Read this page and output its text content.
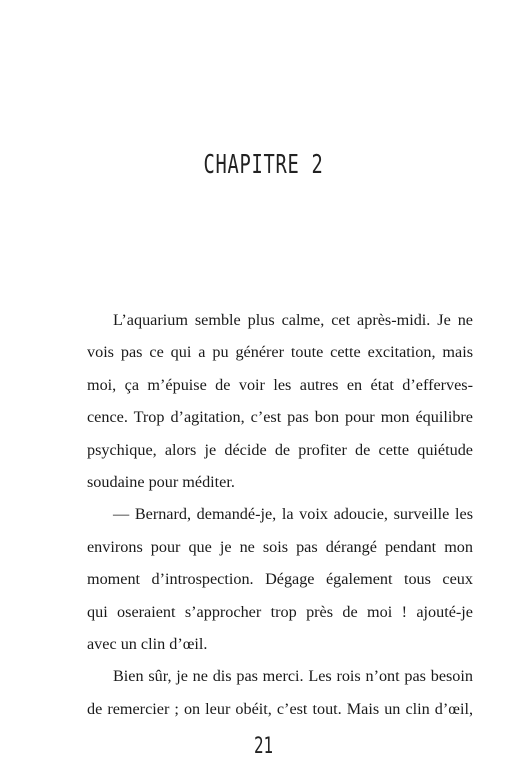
CHAPITRE 2
L’aquarium semble plus calme, cet après-midi. Je ne
vois pas ce qui a pu générer toute cette excitation, mais
moi, ça m’épuise de voir les autres en état d’efferves-
cence. Trop d’agitation, c’est pas bon pour mon équilibre
psychique, alors je décide de profiter de cette quiétude
soudaine pour méditer.
— Bernard, demandé-je, la voix adoucie, surveille les
environs pour que je ne sois pas dérangé pendant mon
moment d’introspection. Dégage également tous ceux
qui oseraient s’approcher trop près de moi ! ajouté-je
avec un clin d’œil.
Bien sûr, je ne dis pas merci. Les rois n’ont pas besoin
de remercier ; on leur obéit, c’est tout. Mais un clin d’œil,
21
